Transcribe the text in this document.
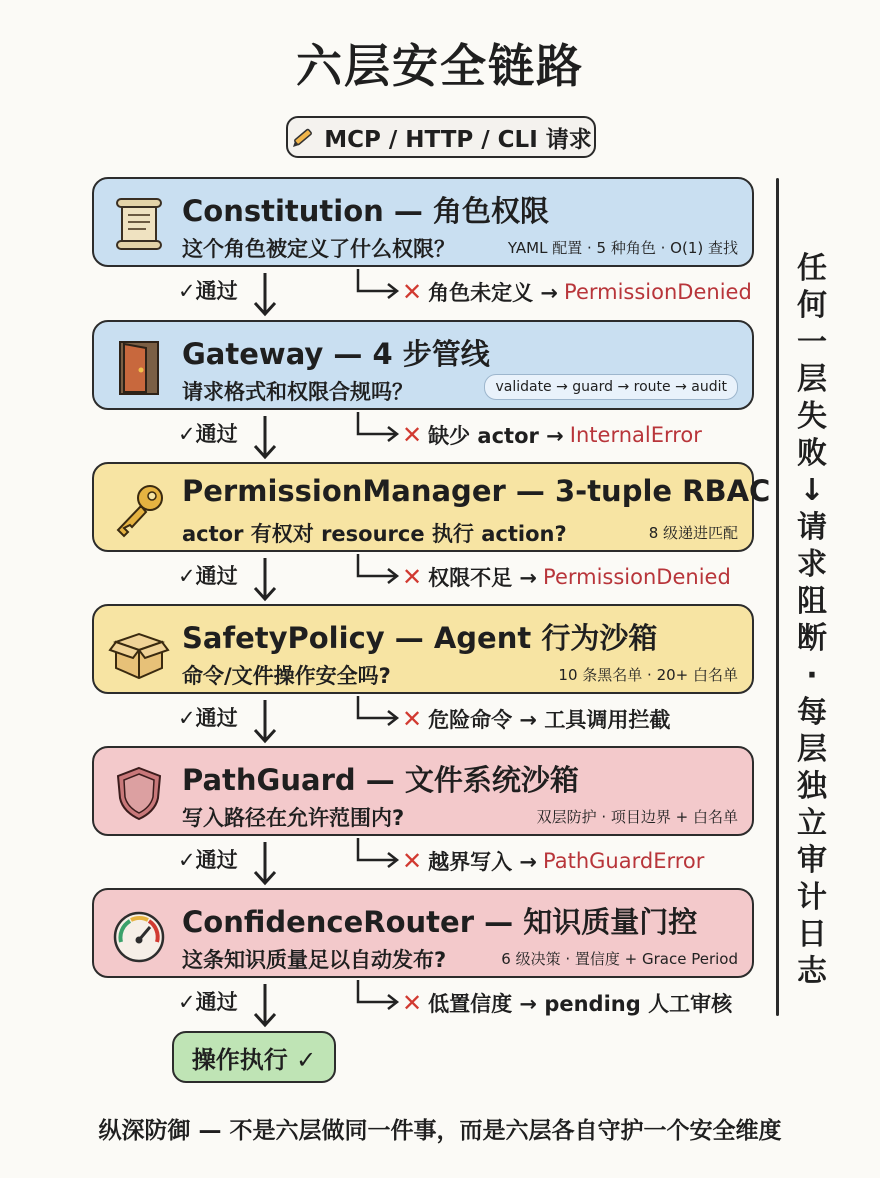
六层安全链路
MCP / HTTP / CLI 请求
Constitution — 角色权限
这个角色被定义了什么权限？	YAML 配置 · 5 种角色 · O(1) 查找
✓通过	✕ 角色未定义 → PermissionDenied
Gateway — 4 步管线
请求格式和权限合规吗？	validate → guard → route → audit
✓通过	✕ 缺少 actor → InternalError
PermissionManager — 3-tuple RBAC
actor 有权对 resource 执行 action?	8 级递进匹配
✓通过	✕ 权限不足 → PermissionDenied
SafetyPolicy — Agent 行为沙箱
命令/文件操作安全吗?	10 条黑名单 · 20+ 白名单
✓通过	✕ 危险命令 → 工具调用拦截
PathGuard — 文件系统沙箱
写入路径在允许范围内?	双层防护 · 项目边界 + 白名单
✓通过	✕ 越界写入 → PathGuardError
ConfidenceRouter — 知识质量门控
这条知识质量足以自动发布?	6 级决策 · 置信度 + Grace Period
✓通过	✕ 低置信度 → pending 人工审核
操作执行 ✓
任何一层失败↓请求阻断·每层独立审计日志
纵深防御 — 不是六层做同一件事，而是六层各自守护一个安全维度
